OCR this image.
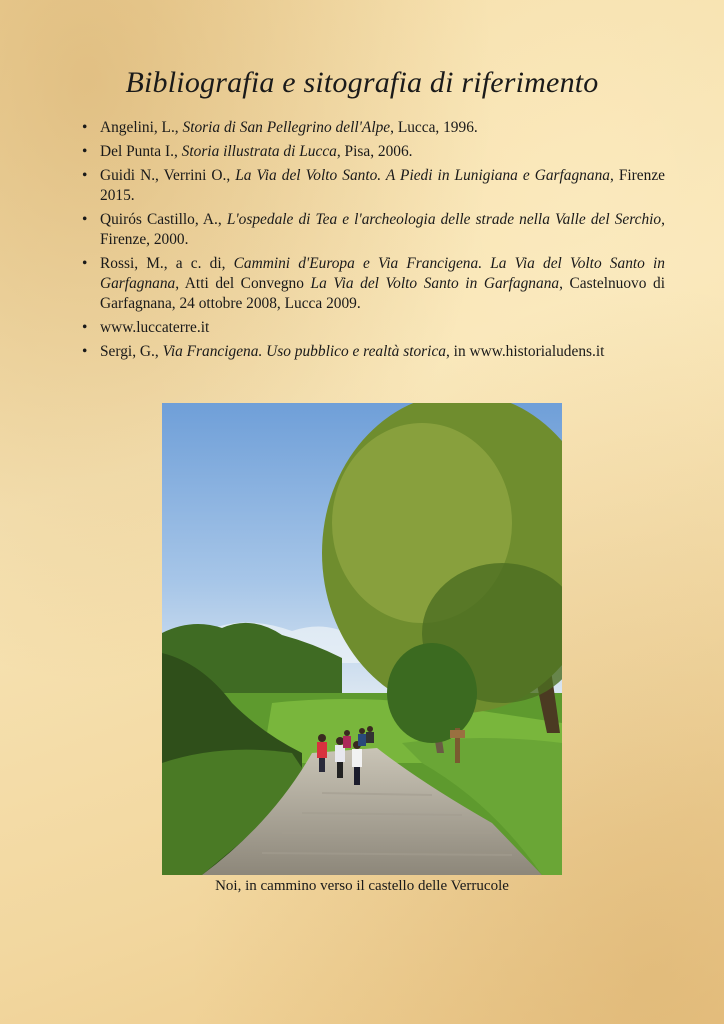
Bibliografia e sitografia di riferimento
• Angelini, L., Storia di San Pellegrino dell'Alpe, Lucca, 1996.
• Del Punta I., Storia illustrata di Lucca, Pisa, 2006.
• Guidi N., Verrini O., La Via del Volto Santo. A Piedi in Lunigiana e Garfagnana, Firenze 2015.
• Quirós Castillo, A., L'ospedale di Tea e l'archeologia delle strade nella Valle del Serchio, Firenze, 2000.
• Rossi, M., a c. di, Cammini d'Europa e Via Francigena. La Via del Volto Santo in Garfagnana, Atti del Convegno La Via del Volto Santo in Garfagnana, Castelnuovo di Garfagnana, 24 ottobre 2008, Lucca 2009.
• www.luccaterre.it
• Sergi, G., Via Francigena. Uso pubblico e realtà storica, in www.historialudens.it
Noi, in cammino verso il castello delle Verrucole
